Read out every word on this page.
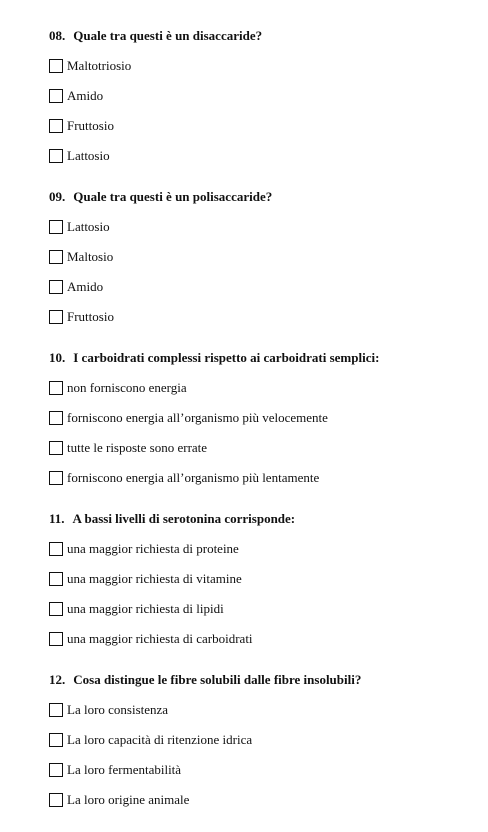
08. Quale tra questi è un disaccaride?
Maltotriosio
Amido
Fruttosio
Lattosio
09. Quale tra questi è un polisaccaride?
Lattosio
Maltosio
Amido
Fruttosio
10. I carboidrati complessi rispetto ai carboidrati semplici:
non forniscono energia
forniscono energia all’organismo più velocemente
tutte le risposte sono errate
forniscono energia all’organismo più lentamente
11. A bassi livelli di serotonina corrisponde:
una maggior richiesta di proteine
una maggior richiesta di vitamine
una maggior richiesta di lipidi
una maggior richiesta di carboidrati
12. Cosa distingue le fibre solubili dalle fibre insolubili?
La loro consistenza
La loro capacità di ritenzione idrica
La loro fermentabilità
La loro origine animale
